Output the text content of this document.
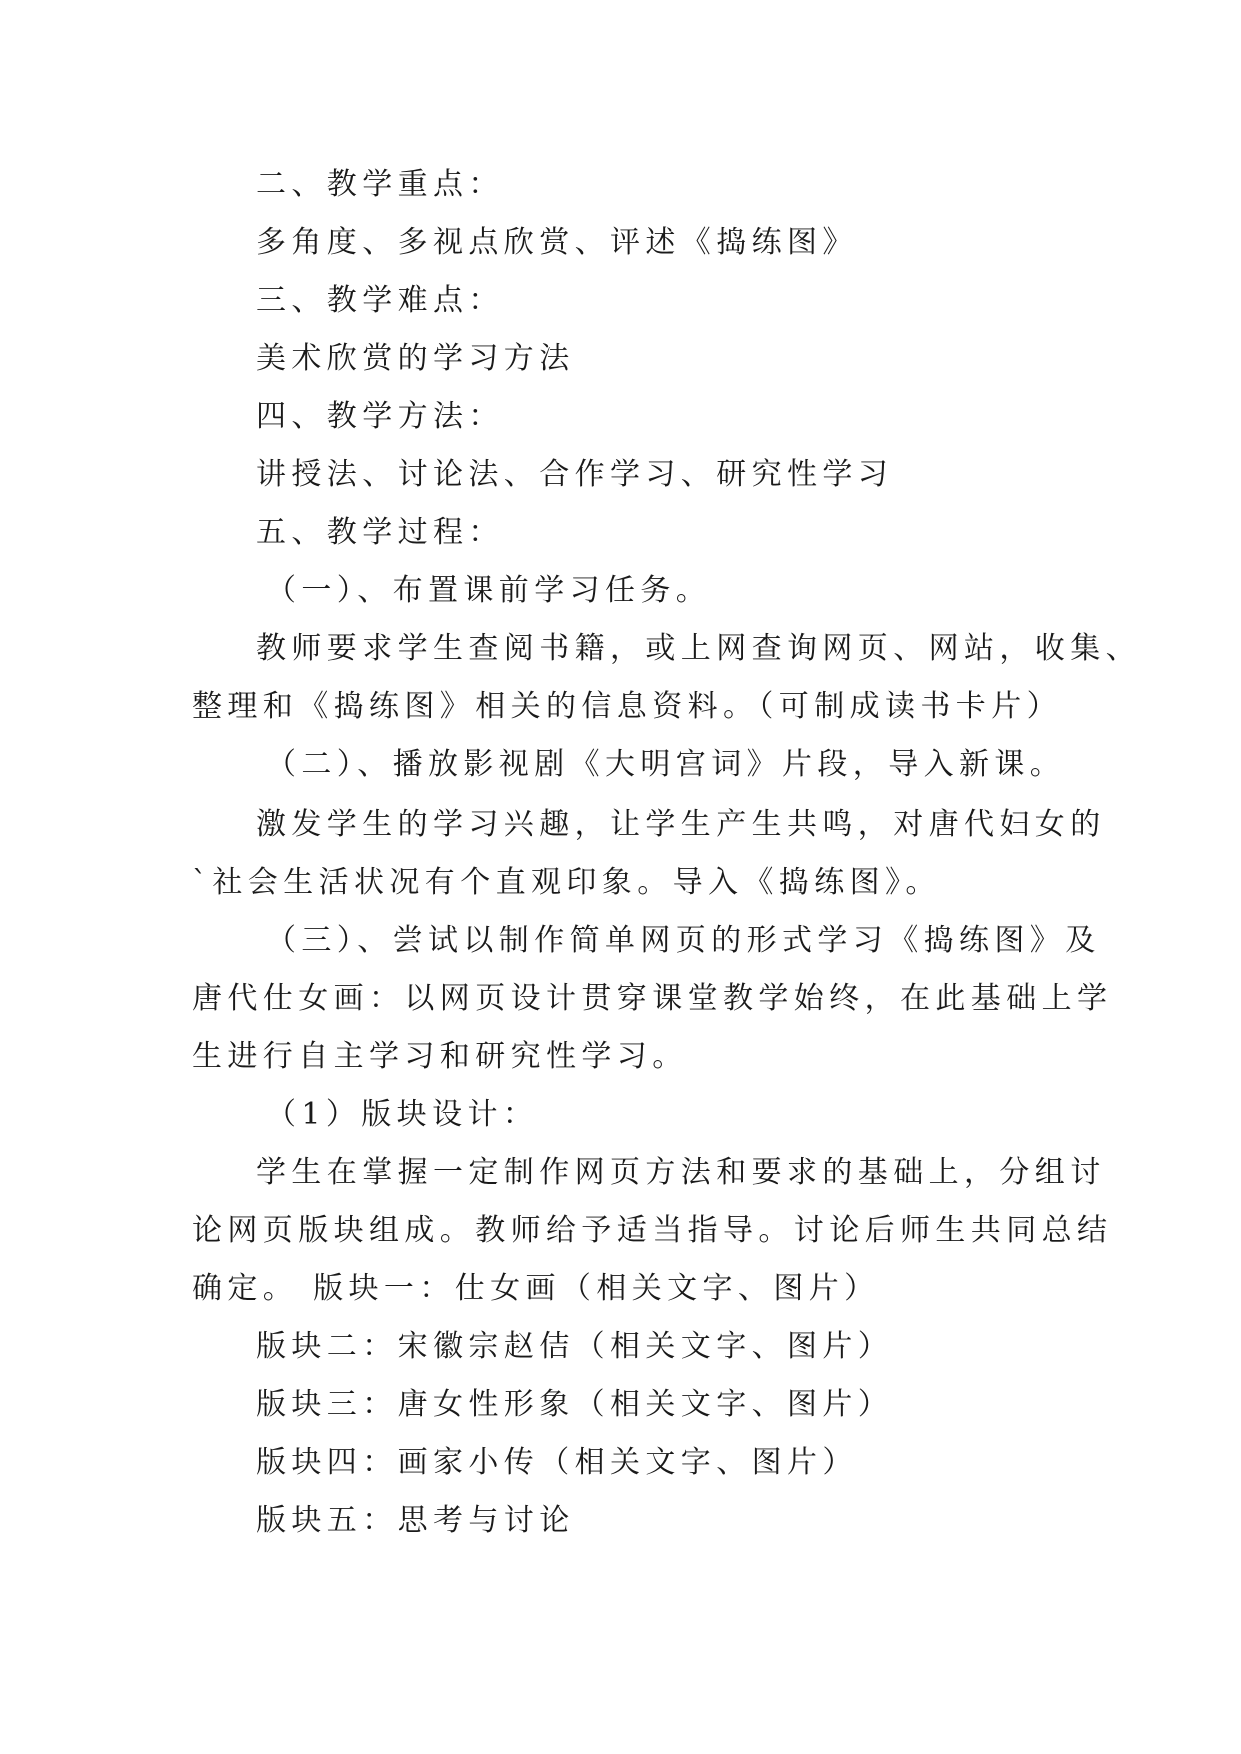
二、教学重点：
多角度、多视点欣赏、评述《捣练图》
三、教学难点：
美术欣赏的学习方法
四、教学方法：
讲授法、讨论法、合作学习、研究性学习
五、教学过程：
（一）、布置课前学习任务。
教师要求学生查阅书籍，或上网查询网页、网站，收集、
整理和《捣练图》相关的信息资料。（可制成读书卡片）
（二）、播放影视剧《大明宫词》片段，导入新课。
激发学生的学习兴趣，让学生产生共鸣，对唐代妇女的
`社会生活状况有个直观印象。导入《捣练图》。
（三）、尝试以制作简单网页的形式学习《捣练图》及
唐代仕女画：以网页设计贯穿课堂教学始终，在此基础上学
生进行自主学习和研究性学习。
（1）版块设计：
学生在掌握一定制作网页方法和要求的基础上，分组讨
论网页版块组成。教师给予适当指导。讨论后师生共同总结
确定。 版块一：仕女画（相关文字、图片）
版块二：宋徽宗赵佶（相关文字、图片）
版块三：唐女性形象（相关文字、图片）
版块四：画家小传（相关文字、图片）
版块五：思考与讨论
